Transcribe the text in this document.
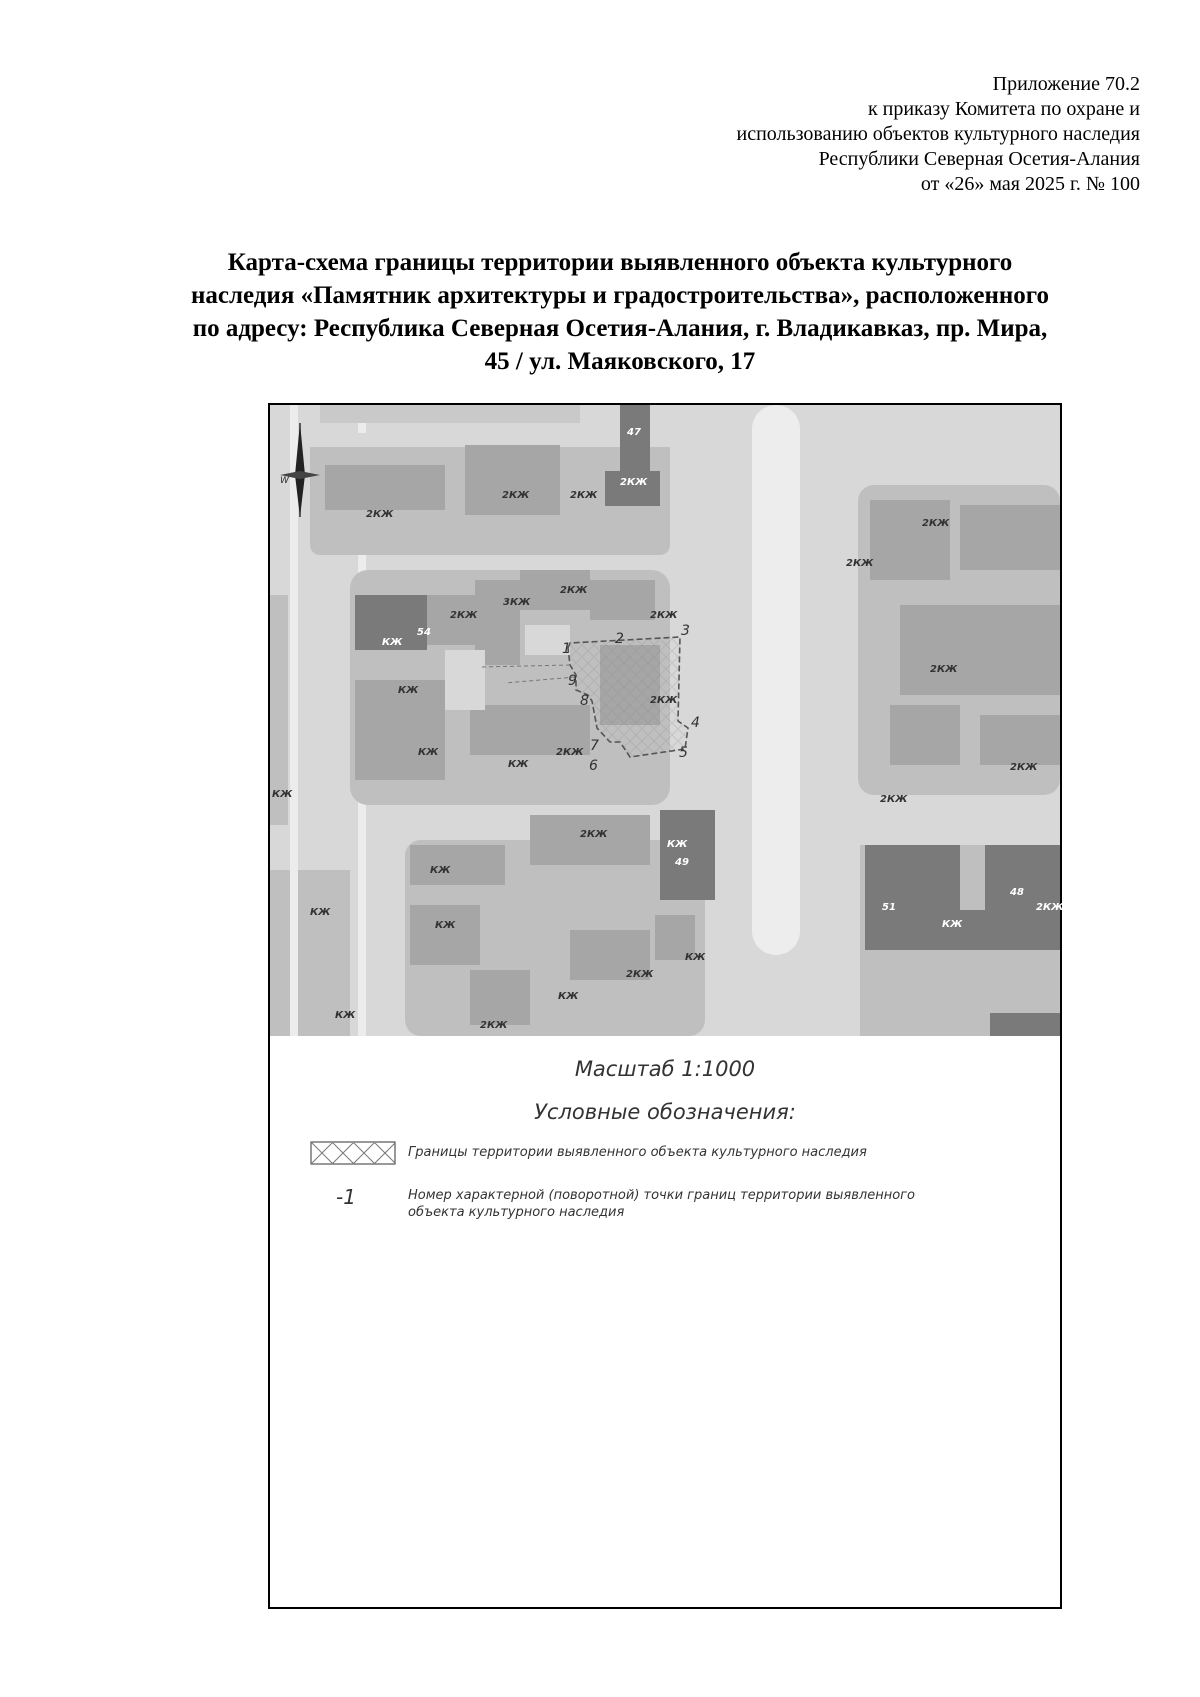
Приложение 70.2
к приказу Комитета по охране и
использованию объектов культурного наследия
Республики Северная Осетия-Алания
от «26» мая 2025 г. № 100
Карта-схема границы территории выявленного объекта культурного
наследия «Памятник архитектуры и градостроительства», расположенного
по адресу: Республика Северная Осетия-Алания, г. Владикавказ, пр. Мира,
45 / ул. Маяковского, 17
W
2КЖ
2КЖ	2КЖ
2КЖ
2КЖ
2КЖ
3КЖ
2КЖ	2КЖ
КЖ
КЖ
2КЖ
2КЖ
КЖ
КЖ
2КЖ
2КЖ
2КЖ
КЖ
2КЖ
КЖ
КЖ
КЖ
КЖ
КЖ
2КЖ
КЖ
КЖ
2КЖ
2КЖ
КЖ
2КЖ
47
54
49
51
48
1
2	3
4
5
6
7
8
9
Масштаб 1:1000
Условные обозначения:
Границы территории выявленного объекта культурного наследия
-1	Номер характерной (поворотной) точки границ территории выявленного объекта культурного наследия
